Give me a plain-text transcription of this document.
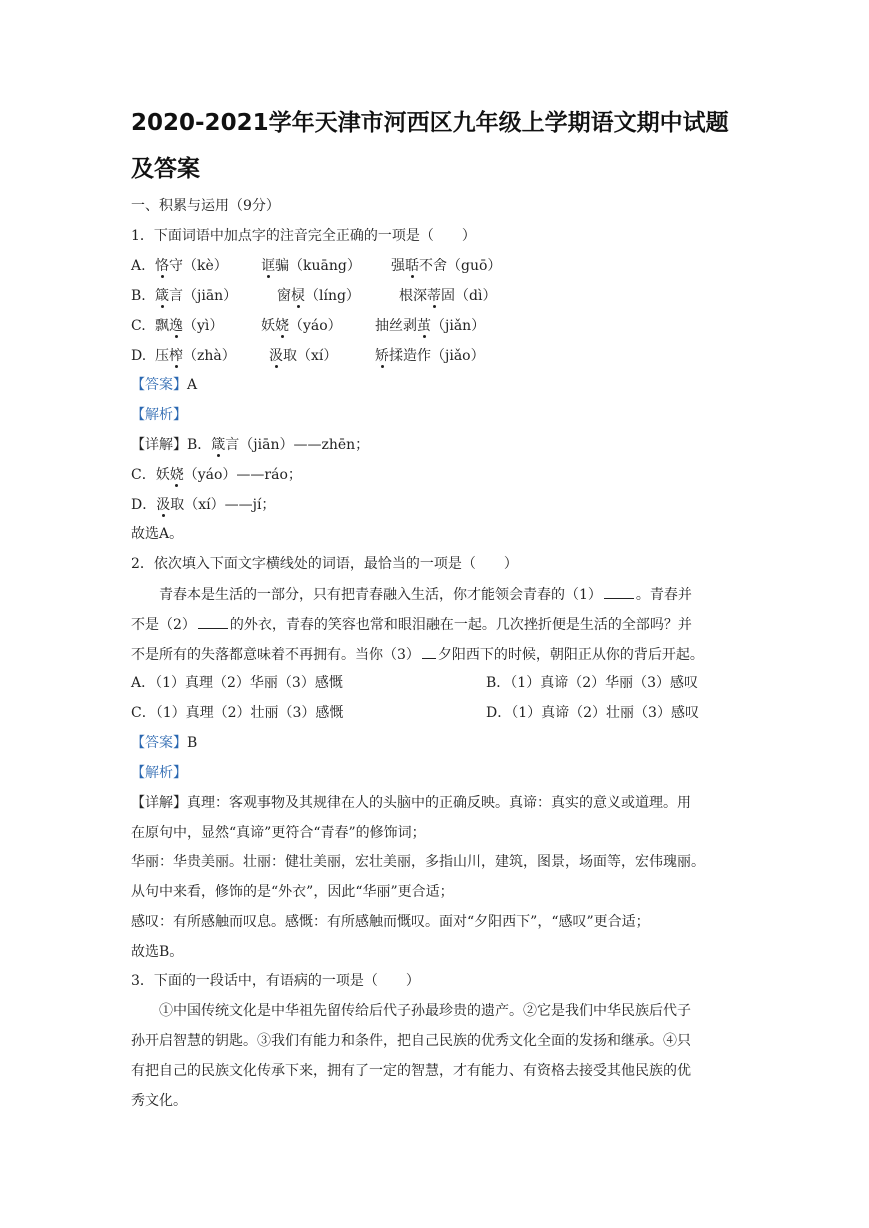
2020-2021学年天津市河西区九年级上学期语文期中试题及答案
一、积累与运用（9分）
1．下面词语中加点字的注音完全正确的一项是（　　）
A. 恪守（kè） 诓骗（kuāng） 强聒不舍（guō）
B. 箴言（jiān）	窗棂（líng）	根深蒂固（dì）
C. 飘逸（yì）	妖娆（yáo） 抽丝剥茧（jiǎn）
D. 压榨（zhà） 汲取（xí）	矫揉造作（jiǎo）
【答案】A
【解析】
【详解】B．箴言（jiān）——zhēn；
C．妖娆（yáo）——ráo；
D．汲取（xí）——jí；
故选A。
2．依次填入下面文字横线处的词语，最恰当的一项是（　　）
青春本是生活的一部分，只有把青春融入生活，你才能领会青春的（1） 。青春并
不是（2） 的外衣，青春的笑容也常和眼泪融在一起。几次挫折便是生活的全部吗？并
不是所有的失落都意味着不再拥有。当你（3） 夕阳西下的时候，朝阳正从你的背后开起。
A．（1）真理（2）华丽（3）感慨	B．（1）真谛（2）华丽（3）感叹
C．（1）真理（2）壮丽（3）感慨	D．（1）真谛（2）壮丽（3）感叹
【答案】B
【解析】
【详解】真理：客观事物及其规律在人的头脑中的正确反映。真谛：真实的意义或道理。用
在原句中，显然“真谛”更符合“青春”的修饰词；
华丽：华贵美丽。壮丽：健壮美丽，宏壮美丽，多指山川，建筑，图景，场面等，宏伟瑰丽。
从句中来看，修饰的是“外衣”，因此“华丽”更合适；
感叹：有所感触而叹息。感慨：有所感触而慨叹。面对“夕阳西下”，“感叹”更合适；
故选B。
3．下面的一段话中，有语病的一项是（　　）
①中国传统文化是中华祖先留传给后代子孙最珍贵的遗产。②它是我们中华民族后代子
孙开启智慧的钥匙。③我们有能力和条件，把自己民族的优秀文化全面的发扬和继承。④只
有把自己的民族文化传承下来，拥有了一定的智慧，才有能力、有资格去接受其他民族的优
秀文化。
